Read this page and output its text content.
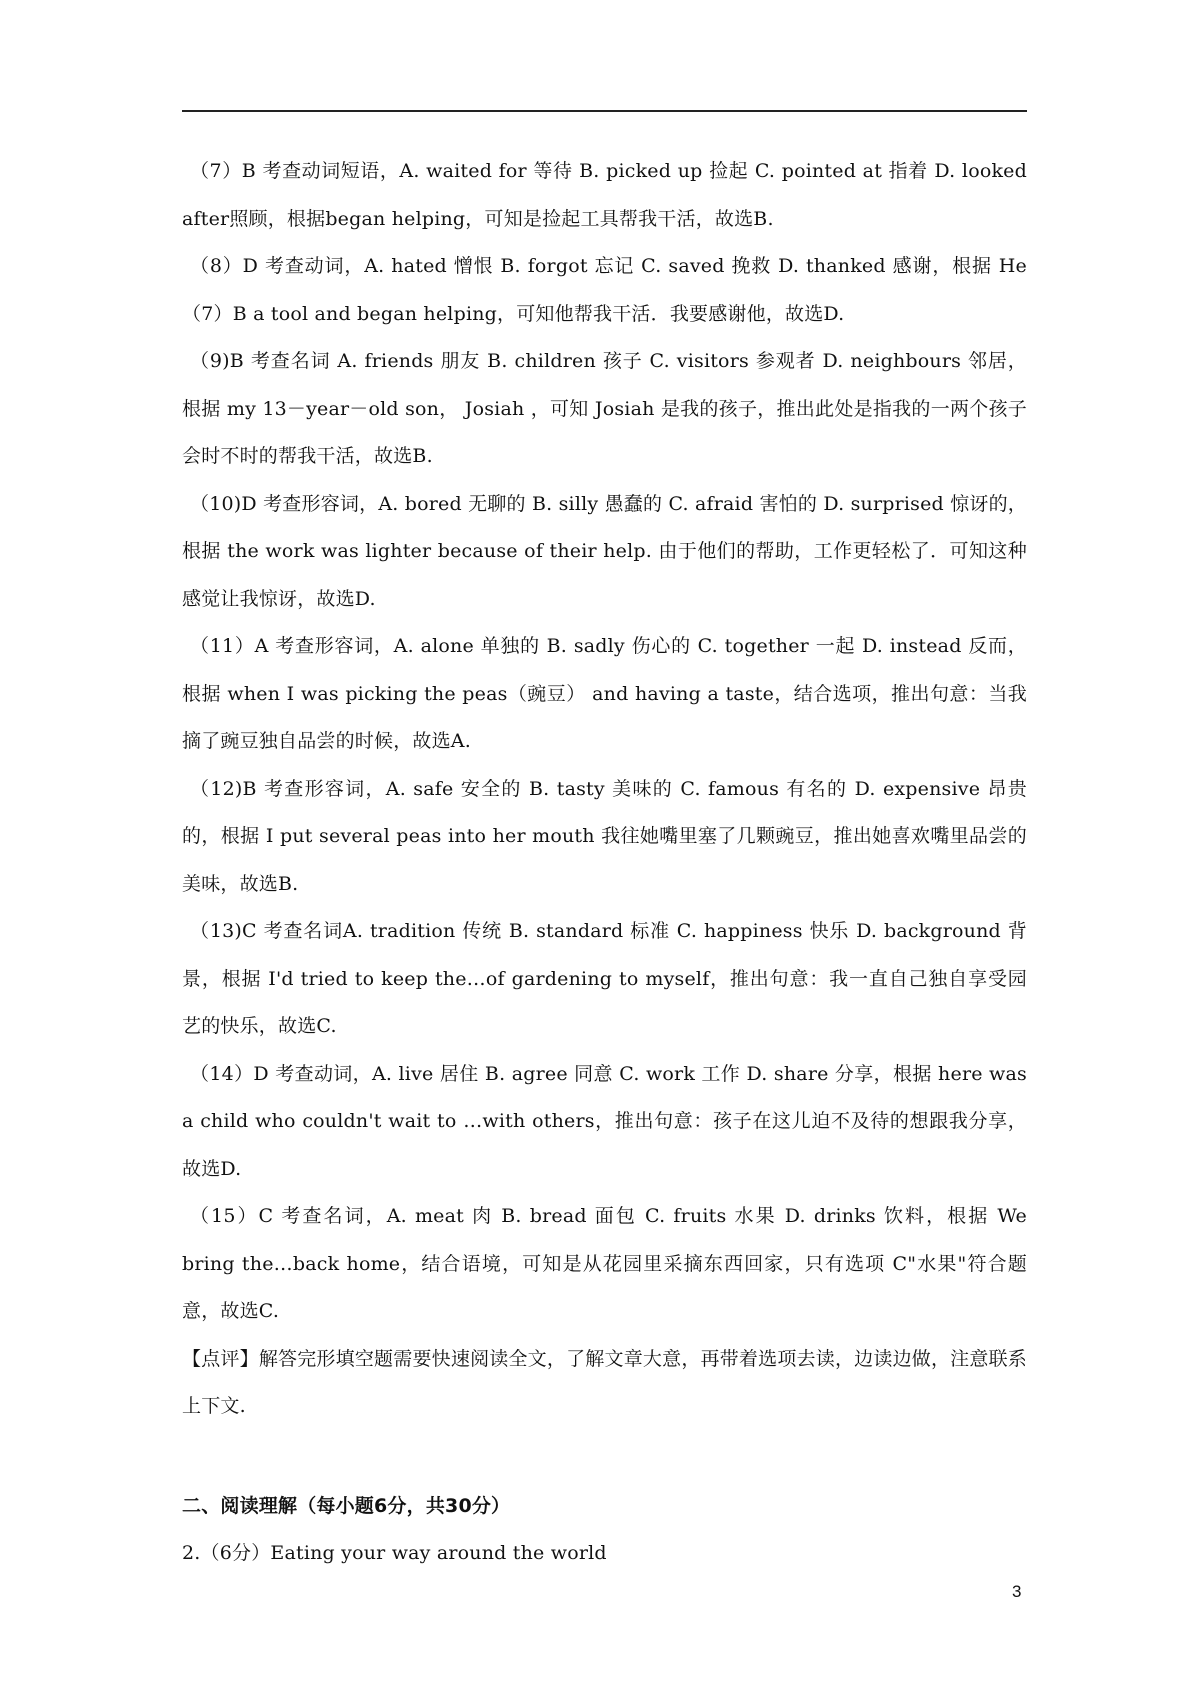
（7）B 考查动词短语，A. waited for 等待 B. picked up 捡起 C. pointed at 指着 D. looked after照顾，根据began helping，可知是捡起工具帮我干活，故选B.

（8）D 考查动词，A. hated 憎恨 B. forgot 忘记 C. saved 挽救 D. thanked 感谢，根据 He（7）B a tool and began helping，可知他帮我干活．我要感谢他，故选D.

（9)B 考查名词 A. friends 朋友 B. children 孩子 C. visitors 参观者 D. neighbours 邻居，根据 my 13－year－old son， Josiah ，可知 Josiah 是我的孩子，推出此处是指我的一两个孩子会时不时的帮我干活，故选B.

（10)D 考查形容词，A. bored 无聊的 B. silly 愚蠢的 C. afraid 害怕的 D. surprised 惊讶的，根据 the work was lighter because of their help. 由于他们的帮助，工作更轻松了．可知这种感觉让我惊讶，故选D.

（11）A 考查形容词，A. alone 单独的 B. sadly 伤心的 C. together 一起 D. instead 反而，根据 when I was picking the peas（豌豆） and having a taste，结合选项，推出句意：当我摘了豌豆独自品尝的时候，故选A.

（12)B 考查形容词，A. safe 安全的 B. tasty 美味的 C. famous 有名的 D. expensive 昂贵的，根据 I put several peas into her mouth 我往她嘴里塞了几颗豌豆，推出她喜欢嘴里品尝的美味，故选B.

（13)C 考查名词A. tradition 传统 B. standard 标准 C. happiness 快乐 D. background 背景，根据 I'd tried to keep the…of gardening to myself，推出句意：我一直自己独自享受园艺的快乐，故选C.

（14）D 考查动词，A. live 居住 B. agree 同意 C. work 工作 D. share 分享，根据 here was a child who couldn't wait to …with others，推出句意：孩子在这儿迫不及待的想跟我分享，故选D.

（15）C 考查名词，A. meat 肉 B. bread 面包 C. fruits 水果 D. drinks 饮料，根据 We bring the…back home，结合语境，可知是从花园里采摘东西回家，只有选项 C"水果"符合题意，故选C.

【点评】解答完形填空题需要快速阅读全文，了解文章大意，再带着选项去读，边读边做，注意联系上下文.

二、阅读理解（每小题6分，共30分）

2.（6分）Eating your way around the world

3
